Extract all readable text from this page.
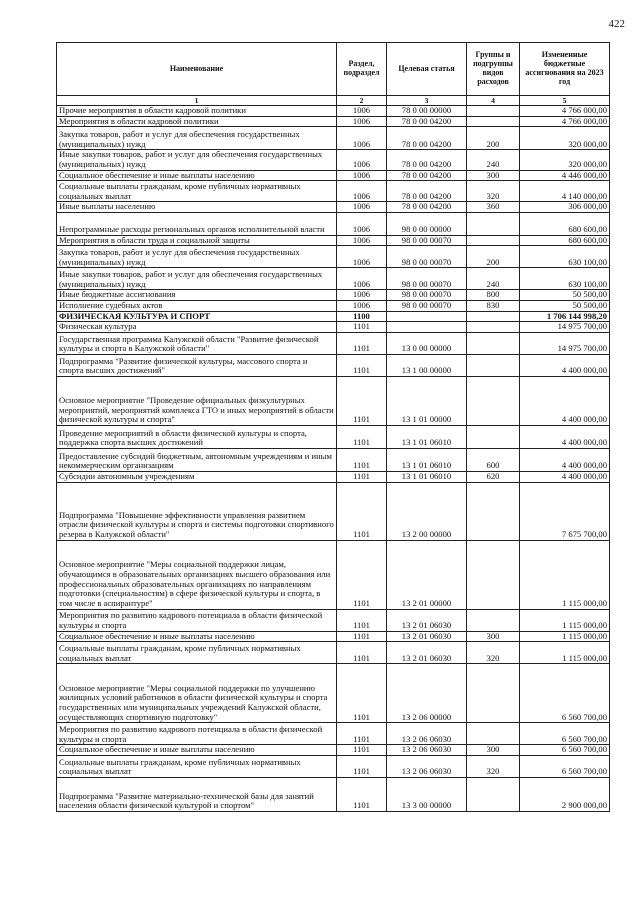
422
Наименование	Раздел, подраздел	Целевая статья	Группы и подгруппы видов расходов	Измененные бюджетные ассигнования на 2023 год
1	2	3	4	5
Прочие мероприятия в области кадровой политики	1006	78 0 00 00000		4 766 000,00
Мероприятия в области кадровой политики	1006	78 0 00 04200		4 766 000,00
Закупка товаров, работ и услуг для обеспечения государственных (муниципальных) нужд	1006	78 0 00 04200	200	320 000,00
Иные закупки товаров, работ и услуг для обеспечения государственных (муниципальных) нужд	1006	78 0 00 04200	240	320 000,00
Социальное обеспечение и иные выплаты населению	1006	78 0 00 04200	300	4 446 000,00
Социальные выплаты гражданам, кроме публичных нормативных социальных выплат	1006	78 0 00 04200	320	4 140 000,00
Иные выплаты населению	1006	78 0 00 04200	360	306 000,00
Непрограммные расходы региональных органов исполнительной власти	1006	98 0 00 00000		680 600,00
Мероприятия в области труда и социальной защиты	1006	98 0 00 00070		680 600,00
Закупка товаров, работ и услуг для обеспечения государственных (муниципальных) нужд	1006	98 0 00 00070	200	630 100,00
Иные закупки товаров, работ и услуг для обеспечения государственных (муниципальных) нужд	1006	98 0 00 00070	240	630 100,00
Иные бюджетные ассигнования	1006	98 0 00 00070	800	50 500,00
Исполнение судебных актов	1006	98 0 00 00070	830	50 500,00
ФИЗИЧЕСКАЯ КУЛЬТУРА И СПОРТ	1100			1 706 144 998,20
Физическая культура	1101			14 975 700,00
Государственная программа Калужской области "Развитие физической культуры и спорта в Калужской области"	1101	13 0 00 00000		14 975 700,00
Подпрограмма "Развитие физической культуры, массового спорта и спорта высших достижений"	1101	13 1 00 00000		4 400 000,00
Основное мероприятие "Проведение официальных физкультурных мероприятий, мероприятий комплекса ГТО и иных мероприятий в области физической культуры и спорта"	1101	13 1 01 00000		4 400 000,00
Проведение мероприятий в области физической культуры и спорта, поддержка спорта высших достижений	1101	13 1 01 06010		4 400 000,00
Предоставление субсидий бюджетным, автономным учреждениям и иным некоммерческим организациям	1101	13 1 01 06010	600	4 400 000,00
Субсидии автономным учреждениям	1101	13 1 01 06010	620	4 400 000,00
Подпрограмма "Повышение эффективности управления развитием отрасли физической культуры и спорта и системы подготовки спортивного резерва в Калужской области"	1101	13 2 00 00000		7 675 700,00
Основное мероприятие "Меры социальной поддержки лицам, обучающимся в образовательных организациях высшего образования или профессиональных образовательных организациях по направлениям подготовки (специальностям) в сфере физической культуры и спорта, в том числе в аспирантуре"	1101	13 2 01 00000		1 115 000,00
Мероприятия по развитию кадрового потенциала в области физической культуры и спорта	1101	13 2 01 06030		1 115 000,00
Социальное обеспечение и иные выплаты населению	1101	13 2 01 06030	300	1 115 000,00
Социальные выплаты гражданам, кроме публичных нормативных социальных выплат	1101	13 2 01 06030	320	1 115 000,00
Основное мероприятие "Меры социальной поддержки по улучшению жилищных условий работников в области физической культуры и спорта государственных или муниципальных учреждений Калужской области, осуществляющих спортивную подготовку"	1101	13 2 06 00000		6 560 700,00
Мероприятия по развитию кадрового потенциала в области физической культуры и спорта	1101	13 2 06 06030		6 560 700,00
Социальное обеспечение и иные выплаты населению	1101	13 2 06 06030	300	6 560 700,00
Социальные выплаты гражданам, кроме публичных нормативных социальных выплат	1101	13 2 06 06030	320	6 560 700,00
Подпрограмма "Развитие материально-технической базы для занятий населения области физической культурой и спортом"	1101	13 3 00 00000		2 900 000,00
